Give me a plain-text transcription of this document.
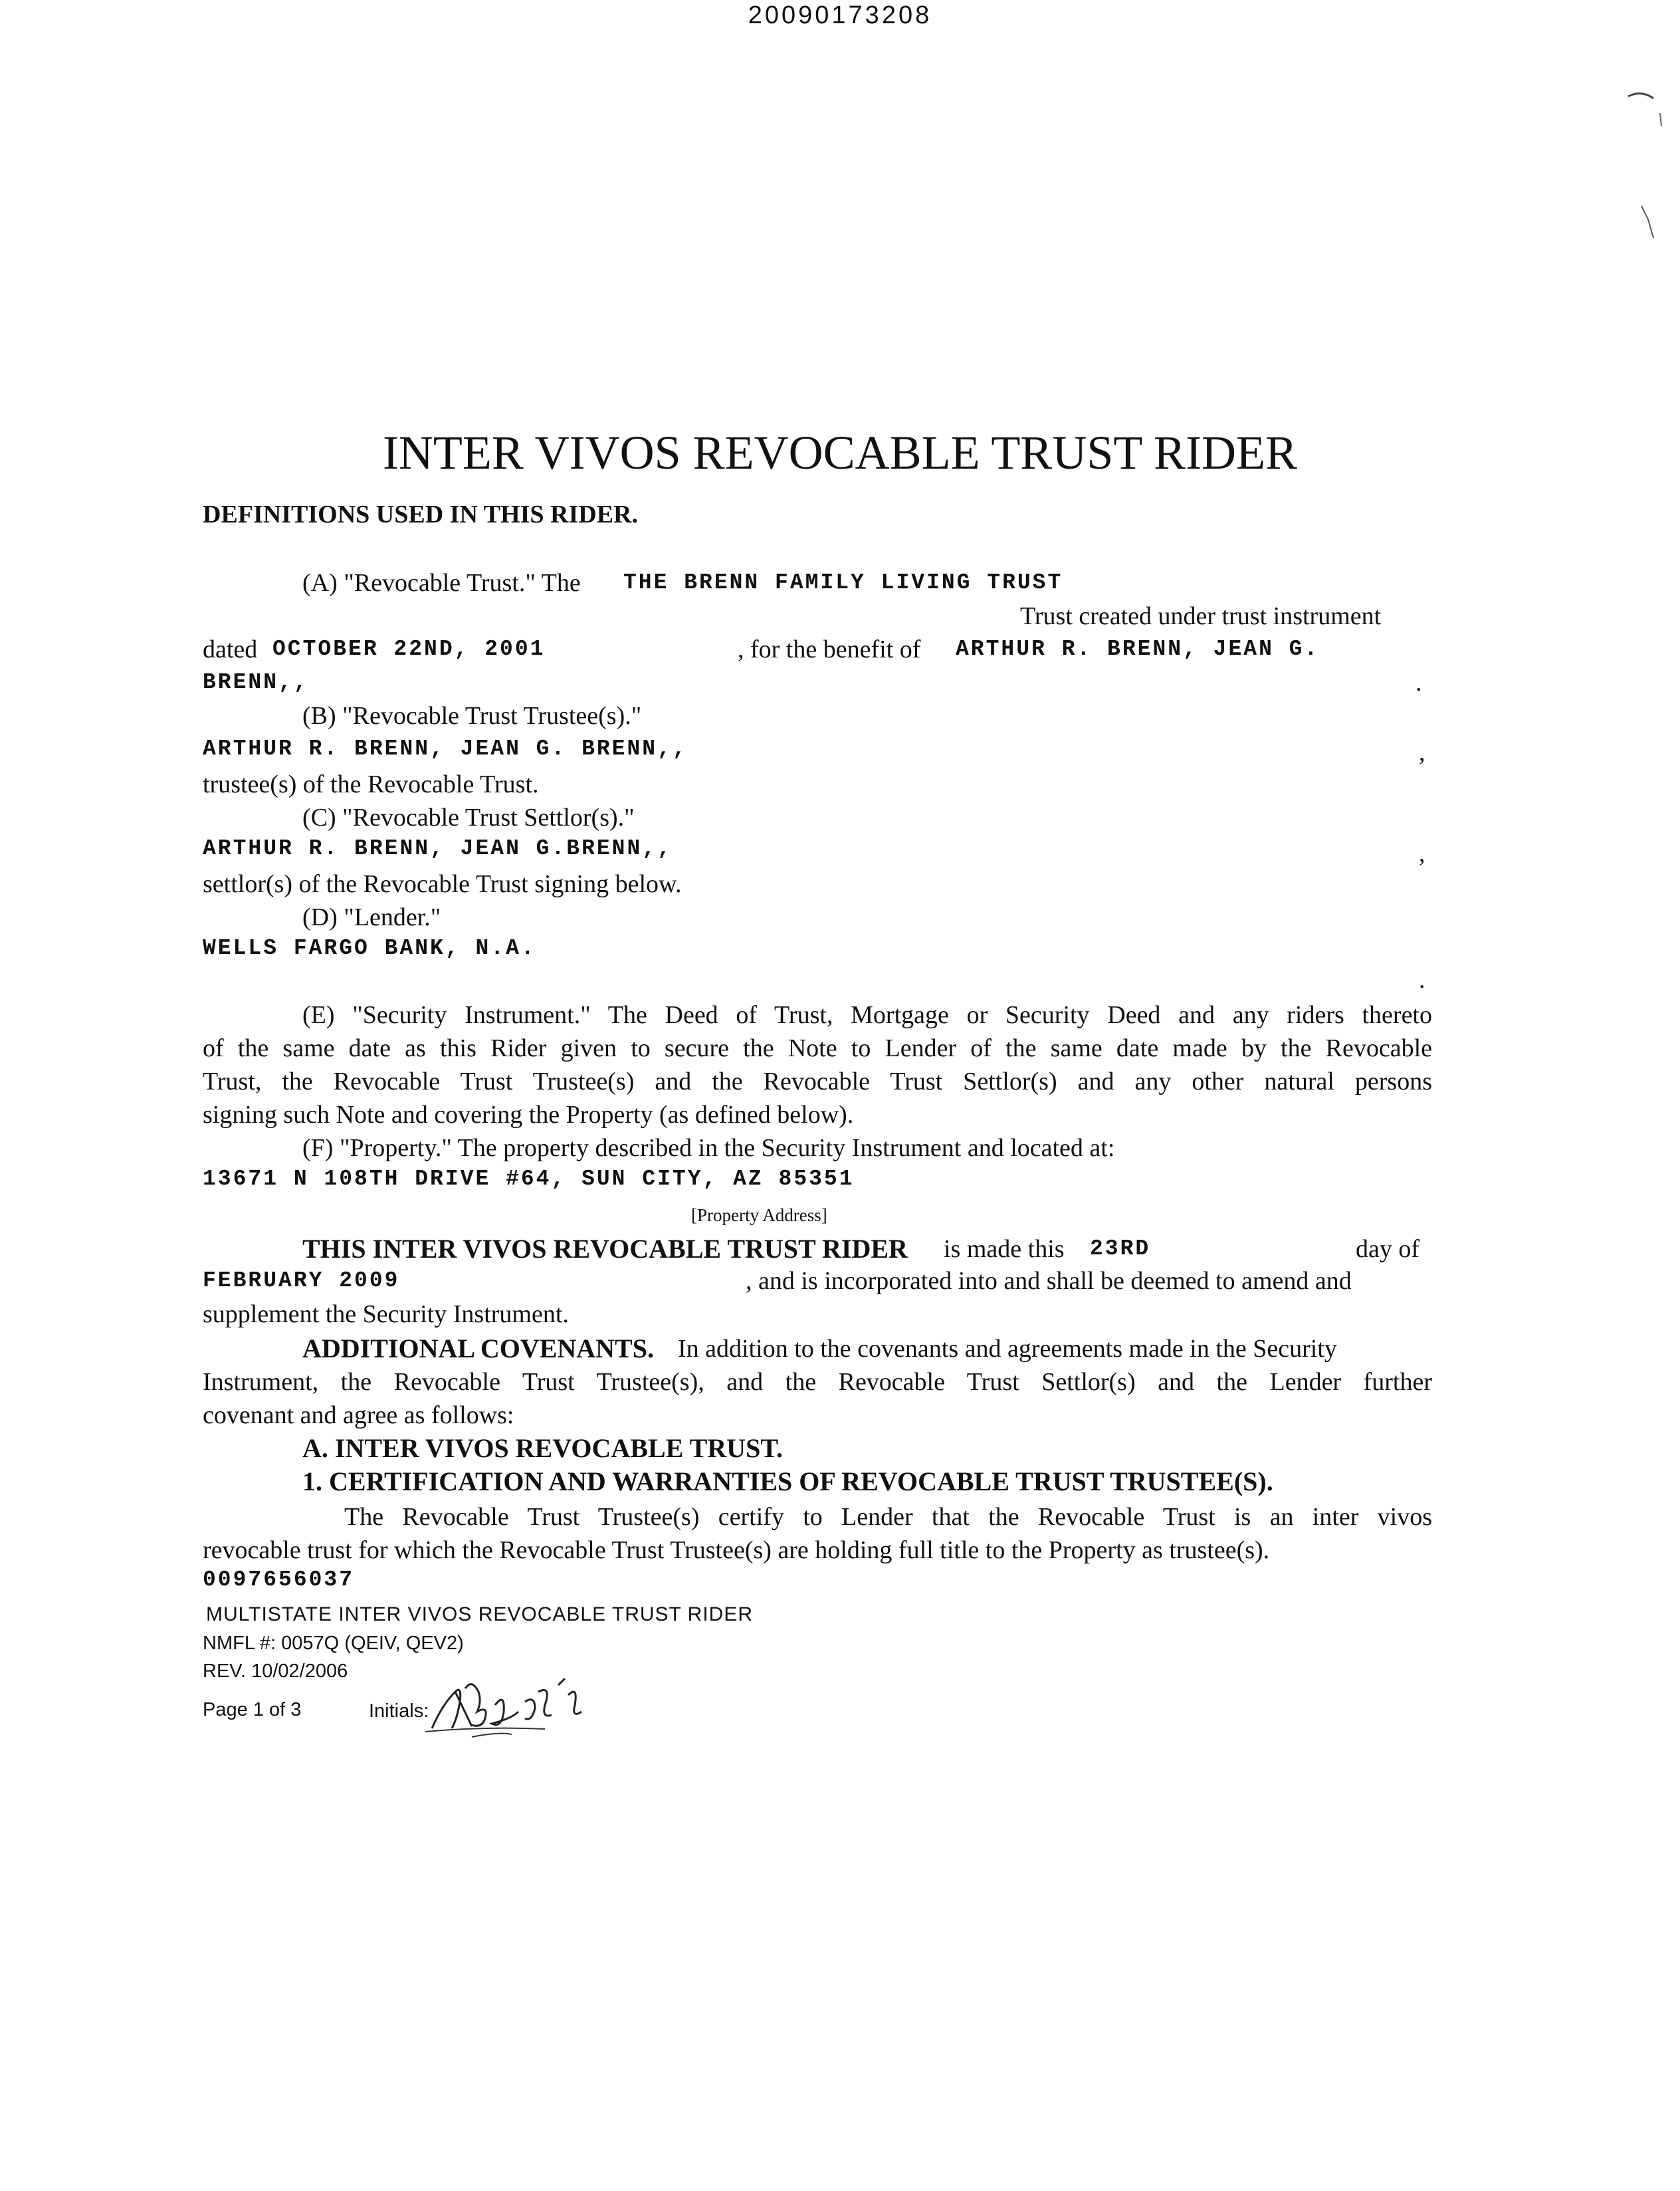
20090173208
INTER VIVOS REVOCABLE TRUST RIDER
DEFINITIONS USED IN THIS RIDER.
(A) "Revocable Trust." The THE BRENN FAMILY LIVING TRUST
Trust created under trust instrument
dated OCTOBER 22ND, 2001	, for the benefit of ARTHUR R. BRENN, JEAN G.
BRENN,,	.
(B) "Revocable Trust Trustee(s)."
ARTHUR R. BRENN, JEAN G. BRENN,,	,
trustee(s) of the Revocable Trust.
(C) "Revocable Trust Settlor(s)."
ARTHUR R. BRENN, JEAN G.BRENN,,	,
settlor(s) of the Revocable Trust signing below.
(D) "Lender."
WELLS FARGO BANK, N.A.
.
(E) "Security Instrument." The Deed of Trust, Mortgage or Security Deed and any riders thereto
of the same date as this Rider given to secure the Note to Lender of the same date made by the Revocable
Trust, the Revocable Trust Trustee(s) and the Revocable Trust Settlor(s) and any other natural persons
signing such Note and covering the Property (as defined below).
(F) "Property." The property described in the Security Instrument and located at:
13671 N 108TH DRIVE #64, SUN CITY, AZ 85351
[Property Address]
THIS INTER VIVOS REVOCABLE TRUST RIDER is made this 23RD	day of
FEBRUARY 2009	, and is incorporated into and shall be deemed to amend and
supplement the Security Instrument.
ADDITIONAL COVENANTS. In addition to the covenants and agreements made in the Security
Instrument, the Revocable Trust Trustee(s), and the Revocable Trust Settlor(s) and the Lender further
covenant and agree as follows:
A. INTER VIVOS REVOCABLE TRUST.
1. CERTIFICATION AND WARRANTIES OF REVOCABLE TRUST TRUSTEE(S).
The Revocable Trust Trustee(s) certify to Lender that the Revocable Trust is an inter vivos
revocable trust for which the Revocable Trust Trustee(s) are holding full title to the Property as trustee(s).
0097656037
MULTISTATE INTER VIVOS REVOCABLE TRUST RIDER
NMFL #: 0057Q (QEIV, QEV2)
REV. 10/02/2006
Page 1 of 3	Initials:
